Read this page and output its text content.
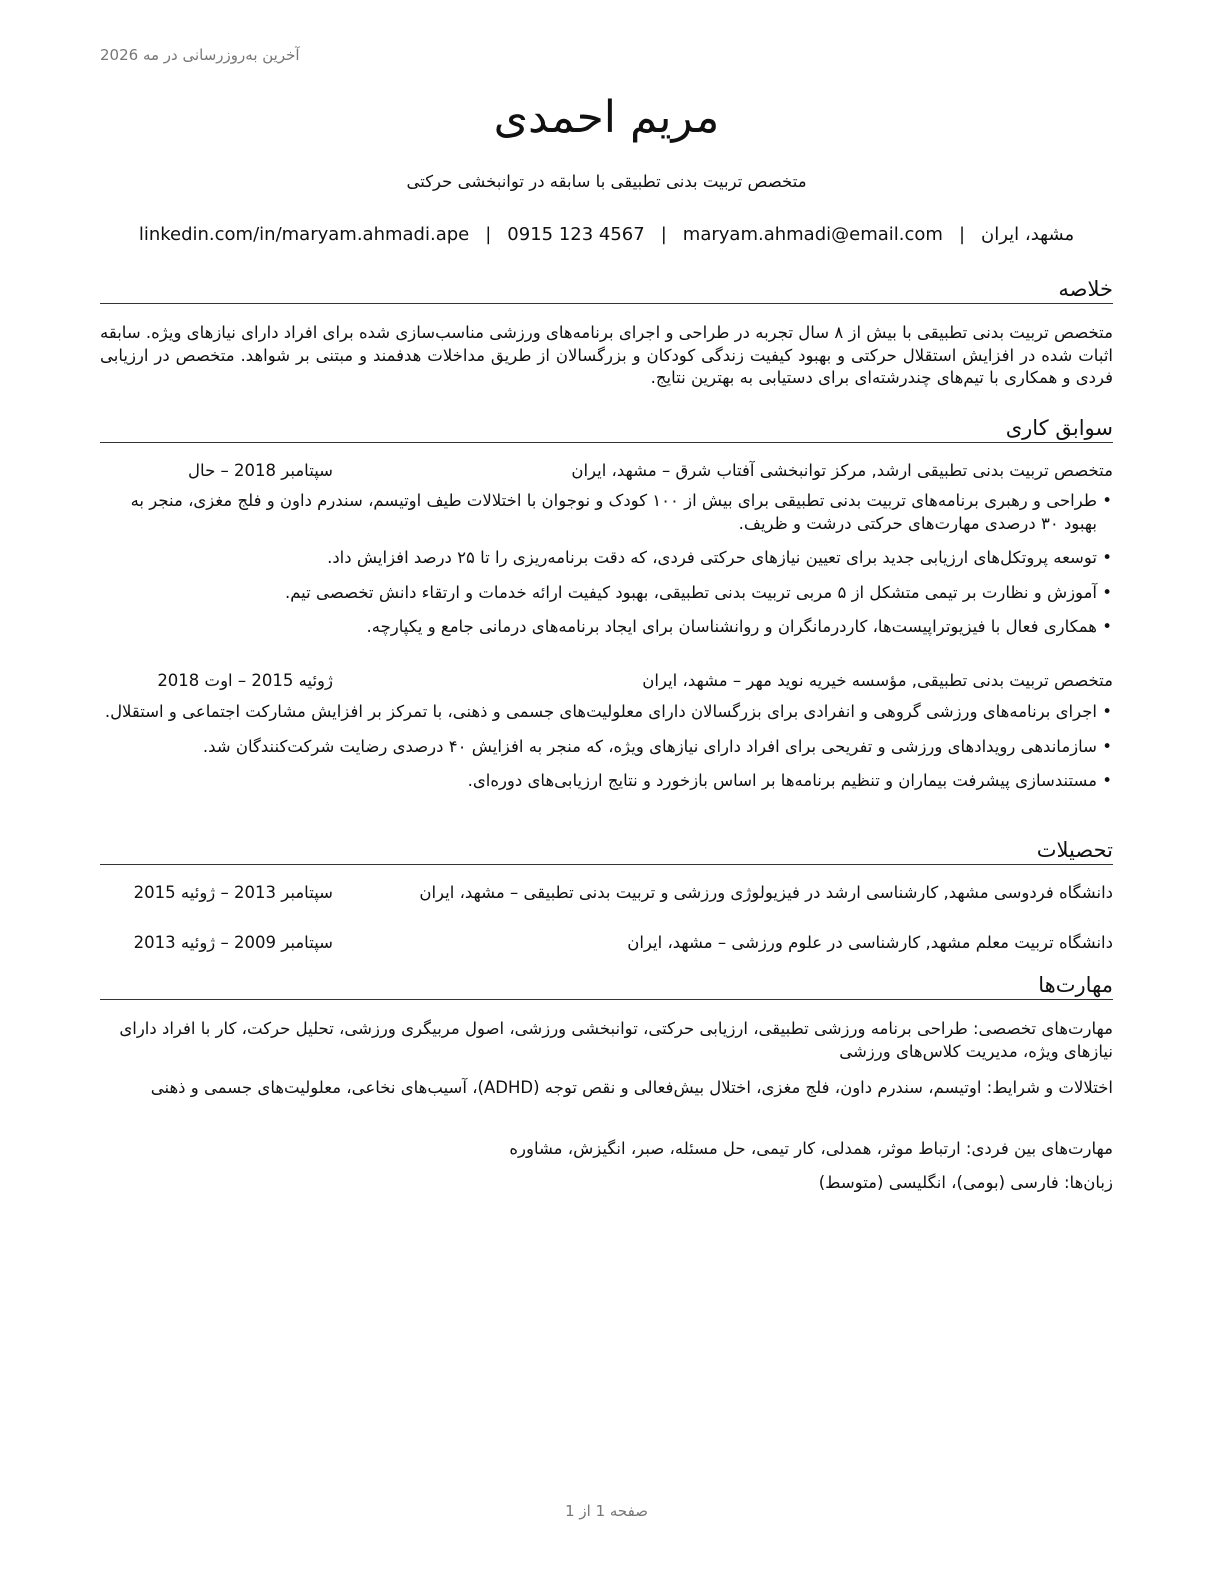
آخرین به‌روزرسانی در مه 2026
مریم احمدی
متخصص تربیت بدنی تطبیقی با سابقه در توانبخشی حرکتی
مشهد، ایران|maryam.ahmadi@email.com|0915 123 4567|linkedin.com/in/maryam.ahmadi.ape
خلاصه
متخصص تربیت بدنی تطبیقی با بیش از ۸ سال تجربه در طراحی و اجرای برنامه‌های ورزشی مناسب‌سازی شده برای افراد دارای نیازهای ویژه. سابقه اثبات شده در افزایش استقلال حرکتی و بهبود کیفیت زندگی کودکان و بزرگسالان از طریق مداخلات هدفمند و مبتنی بر شواهد. متخصص در ارزیابی فردی و همکاری با تیم‌های چندرشته‌ای برای دستیابی به بهترین نتایج.
سوابق کاری
متخصص تربیت بدنی تطبیقی ارشد, مرکز توانبخشی آفتاب شرق – مشهد، ایران
سپتامبر 2018 – حال
• طراحی و رهبری برنامه‌های تربیت بدنی تطبیقی برای بیش از ۱۰۰ کودک و نوجوان با اختلالات طیف اوتیسم، سندرم داون و فلج مغزی، منجر به بهبود ۳۰ درصدی مهارت‌های حرکتی درشت و ظریف.
• توسعه پروتکل‌های ارزیابی جدید برای تعیین نیازهای حرکتی فردی، که دقت برنامه‌ریزی را تا ۲۵ درصد افزایش داد.
• آموزش و نظارت بر تیمی متشکل از ۵ مربی تربیت بدنی تطبیقی، بهبود کیفیت ارائه خدمات و ارتقاء دانش تخصصی تیم.
• همکاری فعال با فیزیوتراپیست‌ها، کاردرمانگران و روانشناسان برای ایجاد برنامه‌های درمانی جامع و یکپارچه.
متخصص تربیت بدنی تطبیقی, مؤسسه خیریه نوید مهر – مشهد، ایران
ژوئیه 2015 – اوت 2018
• اجرای برنامه‌های ورزشی گروهی و انفرادی برای بزرگسالان دارای معلولیت‌های جسمی و ذهنی، با تمرکز بر افزایش مشارکت اجتماعی و استقلال.
• سازماندهی رویدادهای ورزشی و تفریحی برای افراد دارای نیازهای ویژه، که منجر به افزایش ۴۰ درصدی رضایت شرکت‌کنندگان شد.
• مستندسازی پیشرفت بیماران و تنظیم برنامه‌ها بر اساس بازخورد و نتایج ارزیابی‌های دوره‌ای.
تحصیلات
دانشگاه فردوسی مشهد, کارشناسی ارشد در فیزیولوژی ورزشی و تربیت بدنی تطبیقی – مشهد، ایران
سپتامبر 2013 – ژوئیه 2015
دانشگاه تربیت معلم مشهد, کارشناسی در علوم ورزشی – مشهد، ایران
سپتامبر 2009 – ژوئیه 2013
مهارت‌ها
مهارت‌های تخصصی: طراحی برنامه ورزشی تطبیقی، ارزیابی حرکتی، توانبخشی ورزشی، اصول مربیگری ورزشی، تحلیل حرکت، کار با افراد دارای نیازهای ویژه، مدیریت کلاس‌های ورزشی
اختلالات و شرایط: اوتیسم، سندرم داون، فلج مغزی، اختلال بیش‌فعالی و نقص توجه (ADHD)، آسیب‌های نخاعی، معلولیت‌های جسمی و ذهنی
مهارت‌های بین فردی: ارتباط موثر، همدلی، کار تیمی، حل مسئله، صبر، انگیزش، مشاوره
زبان‌ها: فارسی (بومی)، انگلیسی (متوسط)
صفحه 1 از 1
